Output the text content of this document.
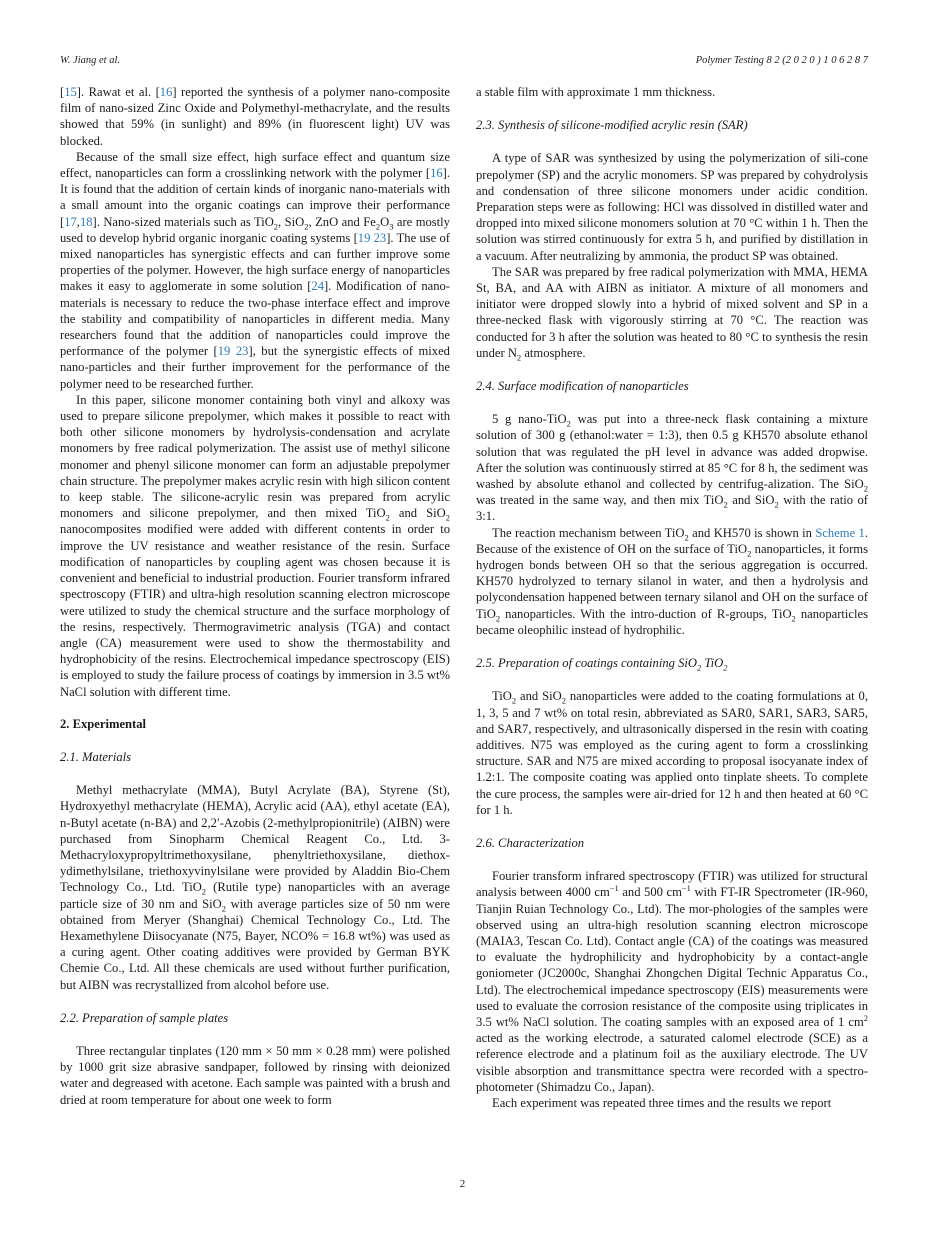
W. Jiang et al.	Polymer Testing 8 2 (2 0 2 0 ) 1 0 6 2 8 7

[15]. Rawat et al. [16] reported the synthesis of a polymer nano-composite film of nano-sized Zinc Oxide and Polymethyl-methacrylate, and the results showed that 59% (in sunlight) and 89% (in fluorescent light) UV was blocked.

Because of the small size effect, high surface effect and quantum size effect, nanoparticles can form a crosslinking network with the polymer [16]. It is found that the addition of certain kinds of inorganic nano-materials with a small amount into the organic coatings can improve their performance [17,18]. Nano-sized materials such as TiO$_2$, SiO$_2$, ZnO and $Fe_2O_3$ are mostly used to develop hybrid organic inorganic coating systems [19 23]. The use of mixed nanoparticles has synergistic effects and can further improve some properties of the polymer. However, the high surface energy of nanoparticles makes it easy to agglomerate in some solution [24]. Modification of nano-materials is necessary to reduce the two-phase interface effect and improve the stability and compatibility of nanoparticles in different media. Many researchers found that the addition of nanoparticles could improve the performance of the polymer [19 23], but the synergistic effects of mixed nano-particles and their further improvement for the performance of the polymer need to be researched further.

In this paper, silicone monomer containing both vinyl and alkoxy was used to prepare silicone prepolymer, which makes it possible to react with both other silicone monomers by hydrolysis-condensation and acrylate monomers by free radical polymerization. The assist use of methyl silicone monomer and phenyl silicone monomer can form an adjustable prepolymer chain structure. The prepolymer makes acrylic resin with high silicon content to keep stable. The silicone-acrylic resin was prepared from acrylic monomers and silicone prepolymer, and then mixed TiO$_2$ and SiO$_2$ nanocomposites modified were added with different contents in order to improve the UV resistance and weather resistance of the resin. Surface modification of nanoparticles by coupling agent was chosen because it is convenient and beneficial to industrial production. Fourier transform infrared spectroscopy (FTIR) and ultra-high resolution scanning electron microscope were utilized to study the chemical structure and the surface morphology of the resins, respectively. Thermogravimetric analysis (TGA) and contact angle (CA) measurement were used to show the thermostability and hydrophobicity of the resins. Electrochemical impedance spectroscopy (EIS) is employed to study the failure process of coatings by immersion in 3.5 wt% NaCl solution with different time.

2. Experimental
2.1. Materials

Methyl methacrylate (MMA), Butyl Acrylate (BA), Styrene (St), Hydroxyethyl methacrylate (HEMA), Acrylic acid (AA), ethyl acetate (EA), n-Butyl acetate (n-BA) and 2,2′-Azobis (2-methylpropionitrile) (AIBN) were purchased from Sinopharm Chemical Reagent Co., Ltd. 3-Methacryloxypropyltrimethoxysilane, phenyltriethoxysilane, diethox-ydimethylsilane, triethoxyvinylsilane were provided by Aladdin Bio-Chem Technology Co., Ltd. TiO$_2$ (Rutile type) nanoparticles with an average particle size of 30 nm and SiO$_2$ with average particles size of 50 nm were obtained from Meryer (Shanghai) Chemical Technology Co., Ltd. The Hexamethylene Diisocyanate (N75, Bayer, NCO% = 16.8 wt%) was used as a curing agent. Other coating additives were provided by German BYK Chemie Co., Ltd. All these chemicals are used without further purification, but AIBN was recrystallized from alcohol before use.

2.2. Preparation of sample plates

Three rectangular tinplates (120 mm × 50 mm × 0.28 mm) were polished by 1000 grit size abrasive sandpaper, followed by rinsing with deionized water and degreased with acetone. Each sample was painted with a brush and dried at room temperature for about one week to form

a stable film with approximate 1 mm thickness.

2.3. Synthesis of silicone-modified acrylic resin (SAR)

A type of SAR was synthesized by using the polymerization of sili-cone prepolymer (SP) and the acrylic monomers. SP was prepared by cohydrolysis and condensation of three silicone monomers under acidic condition. Preparation steps were as following: HCl was dissolved in distilled water and dropped into mixed silicone monomers solution at 70 °C within 1 h. Then the solution was stirred continuously for extra 5 h, and purified by distillation in a vacuum. After neutralizing by ammonia, the product SP was obtained.

The SAR was prepared by free radical polymerization with MMA, HEMA St, BA, and AA with AIBN as initiator. A mixture of all monomers and initiator were dropped slowly into a hybrid of mixed solvent and SP in a three-necked flask with vigorously stirring at 70 °C. The reaction was conducted for 3 h after the solution was heated to 80 °C to synthesis the resin under $N_2$ atmosphere.

2.4. Surface modification of nanoparticles

5 g nano-TiO$_2$ was put into a three-neck flask containing a mixture solution of 300 g (ethanol:water = 1:3), then 0.5 g KH570 absolute ethanol solution that was regulated the pH level in advance was added dropwise. After the solution was continuously stirred at 85 °C for 8 h, the sediment was washed by absolute ethanol and collected by centrifug-alization. The SiO$_2$ was treated in the same way, and then mix TiO$_2$ and SiO$_2$ with the ratio of 3:1.

The reaction mechanism between TiO$_2$ and KH570 is shown in Scheme 1. Because of the existence of OH on the surface of TiO$_2$ nanoparticles, it forms hydrogen bonds between OH so that the serious aggregation is occurred. KH570 hydrolyzed to ternary silanol in water, and then a hydrolysis and polycondensation happened between ternary silanol and OH on the surface of TiO$_2$ nanoparticles. With the intro-duction of R-groups, TiO$_2$ nanoparticles became oleophilic instead of hydrophilic.

2.5. Preparation of coatings containing SiO$_2$ TiO$_2$

TiO$_2$ and SiO$_2$ nanoparticles were added to the coating formulations at 0, 1, 3, 5 and 7 wt% on total resin, abbreviated as SAR0, SAR1, SAR3, SAR5, and SAR7, respectively, and ultrasonically dispersed in the resin with coating additives. N75 was employed as the curing agent to form a crosslinking structure. SAR and N75 are mixed according to proposal isocyanate index of 1.2:1. The composite coating was applied onto tinplate sheets. To complete the cure process, the samples were air-dried for 12 h and then heated at 60 °C for 1 h.

2.6. Characterization

Fourier transform infrared spectroscopy (FTIR) was utilized for structural analysis between 4000 $cm^{-1}$ and 500 $cm^{-1}$ with FT-IR Spectrometer (IR-960, Tianjin Ruian Technology Co., Ltd). The mor-phologies of the samples were observed using an ultra-high resolution scanning electron microscope (MAIA3, Tescan Co. Ltd). Contact angle (CA) of the coatings was measured to evaluate the hydrophilicity and hydrophobicity by a contact-angle goniometer (JC2000c, Shanghai Zhongchen Digital Technic Apparatus Co., Ltd). The electrochemical impedance spectroscopy (EIS) measurements were used to evaluate the corrosion resistance of the composite using triplicates in 3.5 wt% NaCl solution. The coating samples with an exposed area of 1 $cm^2$ acted as the working electrode, a saturated calomel electrode (SCE) as a reference electrode and a platinum foil as the auxiliary electrode. The UV visible absorption and transmittance spectra were recorded with a spectro-photometer (Shimadzu Co., Japan).

Each experiment was repeated three times and the results we report

2
